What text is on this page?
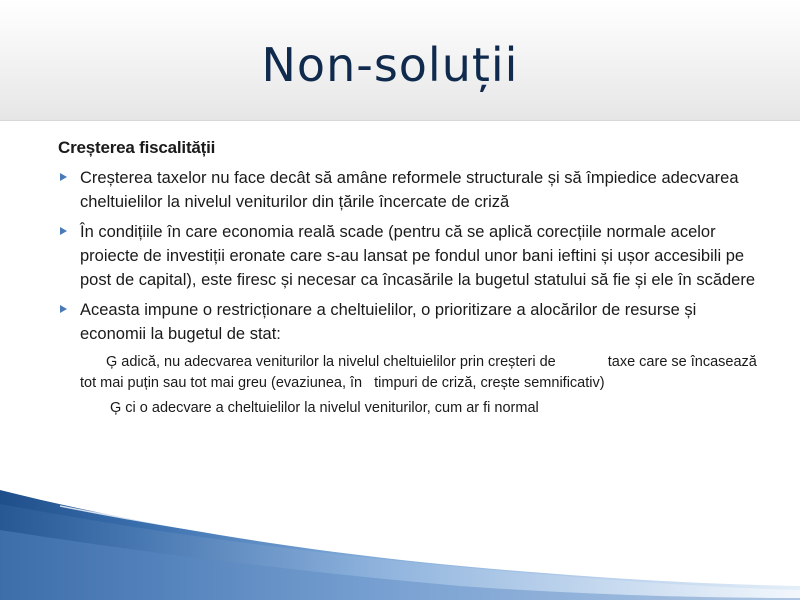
Non-soluții
Creșterea fiscalității
Creșterea taxelor nu face decât să amâne reformele structurale și să împiedice adecvarea cheltuielilor la nivelul veniturilor din țările încercate de criză
În condițiile în care economia reală scade (pentru că se aplică corecțiile normale acelor proiecte de investiții eronate care s-au lansat pe fondul unor bani ieftini și ușor accesibili pe post de capital), este firesc și necesar ca încasările la bugetul statului să fie și ele în scădere
Aceasta impune o restricționare a cheltuielilor, o prioritizare a alocărilor de resurse și economii la bugetul de stat:
Ģ adică, nu adecvarea veniturilor la nivelul cheltuielilor prin creșteri de	taxe care se încasează tot mai puțin sau tot mai greu (evaziunea, în timpuri de criză, crește semnificativ)
Ģ ci o adecvare a cheltuielilor la nivelul veniturilor, cum ar fi normal
